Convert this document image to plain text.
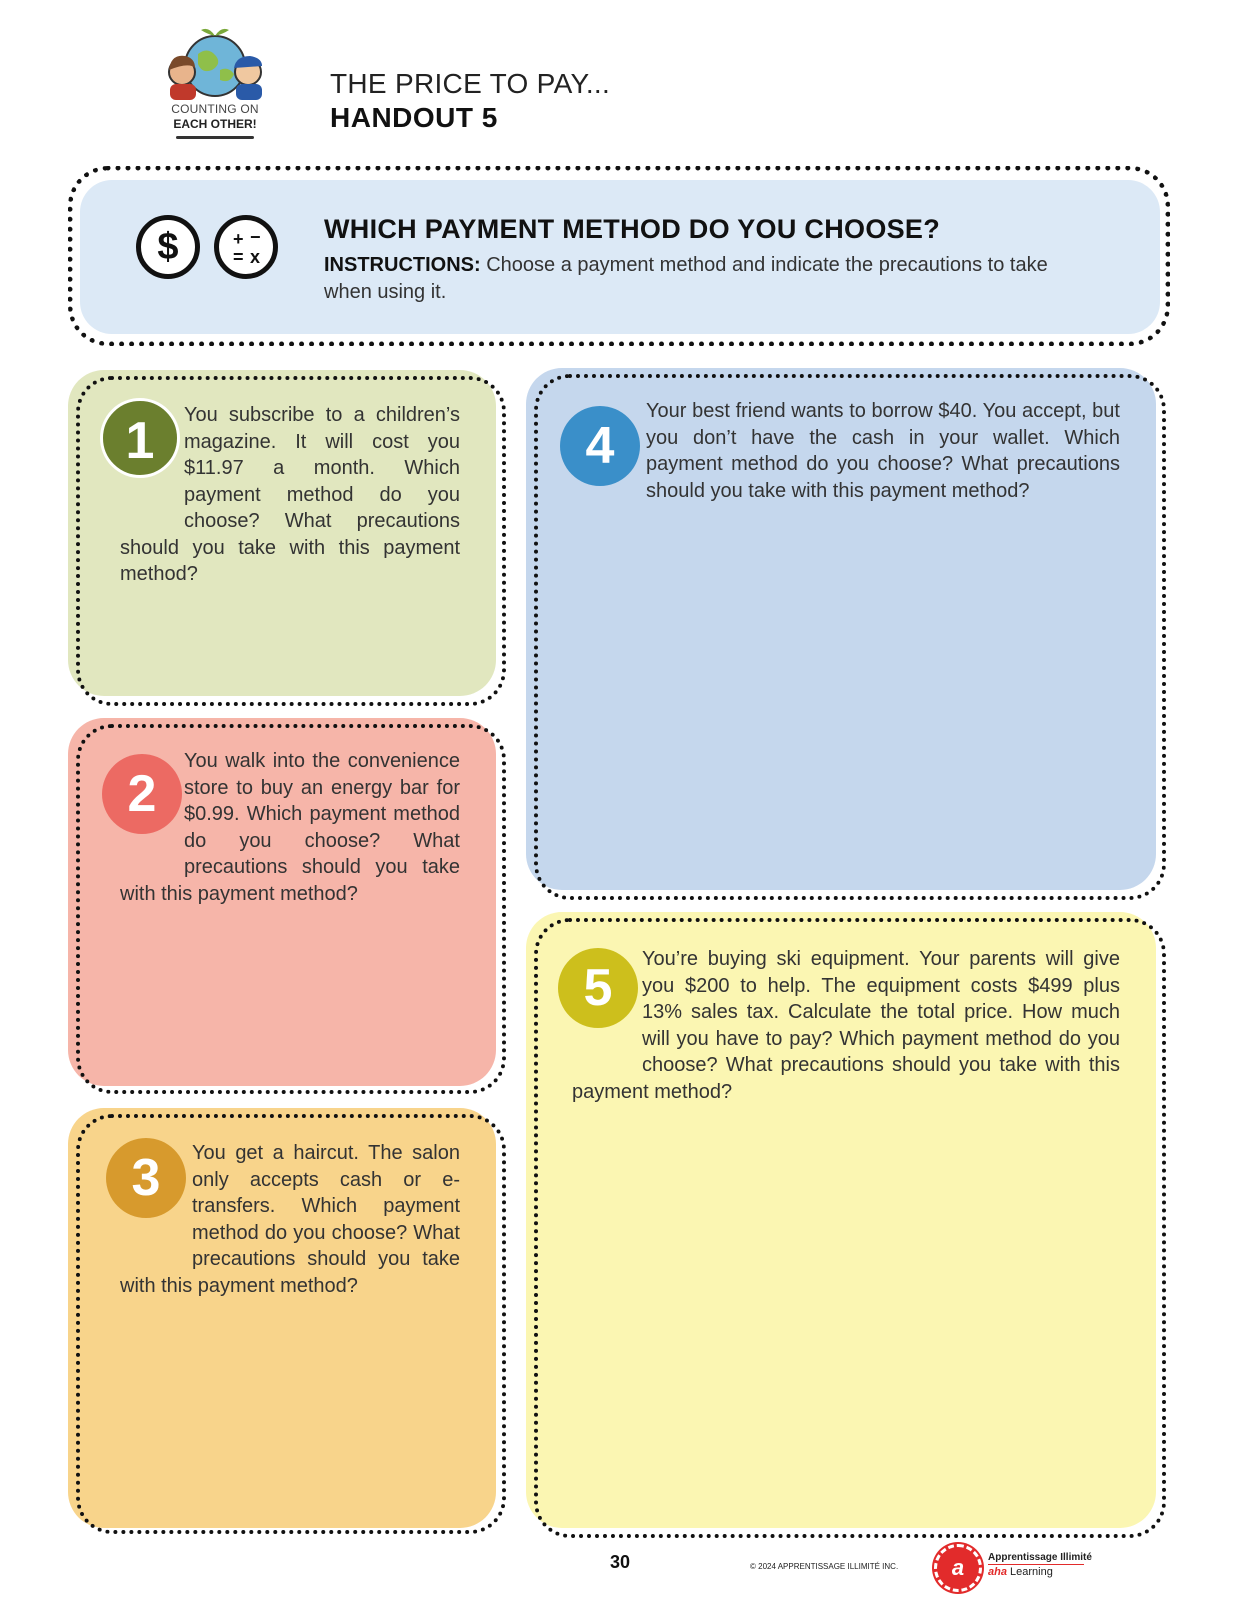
COUNTING ON
EACH OTHER!
THE PRICE TO PAY...
HANDOUT 5
$	+ −
= x
WHICH PAYMENT METHOD DO YOU CHOOSE?
INSTRUCTIONS: Choose a payment method and indicate the precautions to take when using it.
You subscribe to a children’s magazine. It will cost you $11.97 a month. Which payment method do you choose? What precautions should you take with this payment method?
1
You walk into the convenience store to buy an energy bar for $0.99. Which payment method do you choose? What precautions should you take with this payment method?
2
You get a haircut. The salon only accepts cash or e-transfers. Which payment method do you choose? What precautions should you take with this payment method?
3
Your best friend wants to borrow $40. You accept, but you don’t have the cash in your wallet. Which payment method do you choose? What precautions should you take with this payment method?
4
You’re buying ski equipment. Your parents will give you $200 to help. The equipment costs $499 plus 13% sales tax. Calculate the total price. How much will you have to pay? Which payment method do you choose? What precautions should you take with this payment method?
5
30	© 2024 APPRENTISSAGE ILLIMITÉ INC.	a	Apprentissage Illimité
aha Learning
